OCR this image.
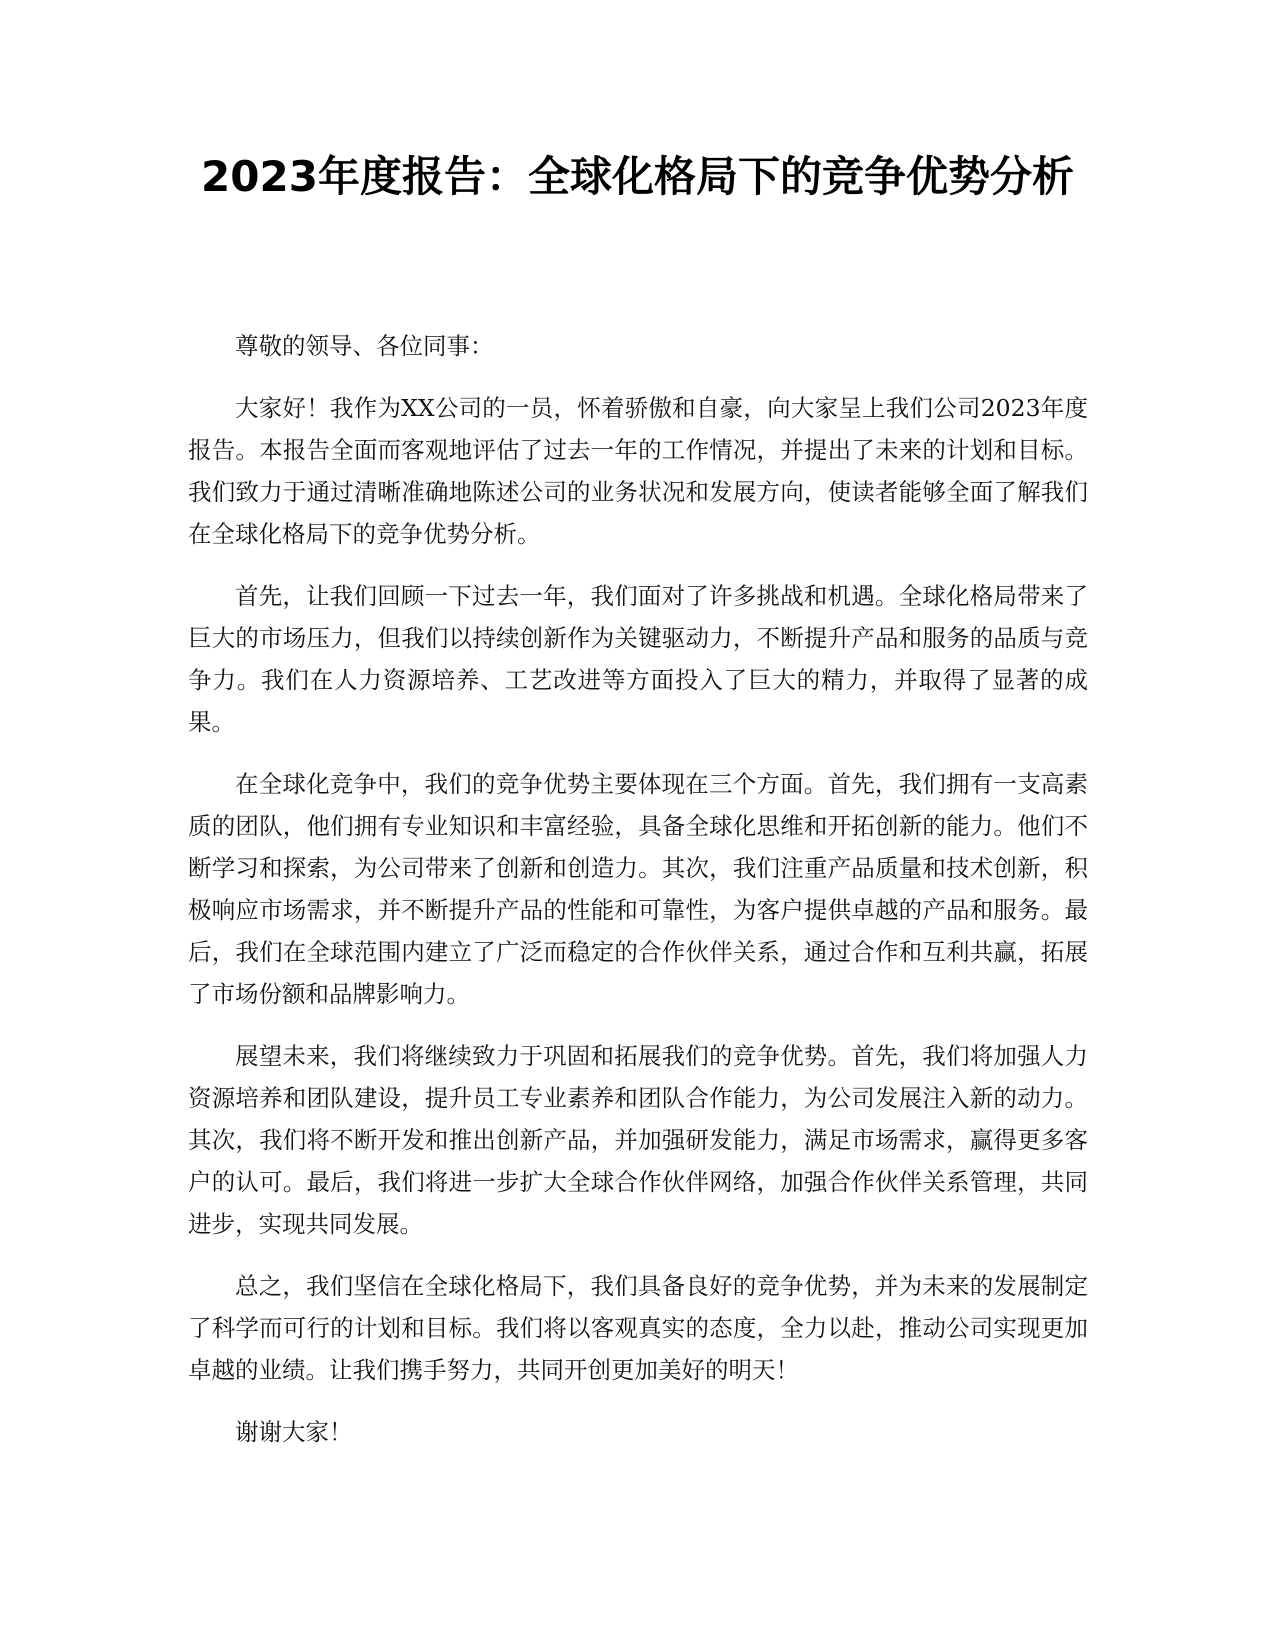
2023年度报告：全球化格局下的竞争优势分析

尊敬的领导、各位同事：

大家好！我作为XX公司的一员，怀着骄傲和自豪，向大家呈上我们公司2023年度报告。本报告全面而客观地评估了过去一年的工作情况，并提出了未来的计划和目标。我们致力于通过清晰准确地陈述公司的业务状况和发展方向，使读者能够全面了解我们在全球化格局下的竞争优势分析。

首先，让我们回顾一下过去一年，我们面对了许多挑战和机遇。全球化格局带来了巨大的市场压力，但我们以持续创新作为关键驱动力，不断提升产品和服务的品质与竞争力。我们在人力资源培养、工艺改进等方面投入了巨大的精力，并取得了显著的成果。

在全球化竞争中，我们的竞争优势主要体现在三个方面。首先，我们拥有一支高素质的团队，他们拥有专业知识和丰富经验，具备全球化思维和开拓创新的能力。他们不断学习和探索，为公司带来了创新和创造力。其次，我们注重产品质量和技术创新，积极响应市场需求，并不断提升产品的性能和可靠性，为客户提供卓越的产品和服务。最后，我们在全球范围内建立了广泛而稳定的合作伙伴关系，通过合作和互利共赢，拓展了市场份额和品牌影响力。

展望未来，我们将继续致力于巩固和拓展我们的竞争优势。首先，我们将加强人力资源培养和团队建设，提升员工专业素养和团队合作能力，为公司发展注入新的动力。其次，我们将不断开发和推出创新产品，并加强研发能力，满足市场需求，赢得更多客户的认可。最后，我们将进一步扩大全球合作伙伴网络，加强合作伙伴关系管理，共同进步，实现共同发展。

总之，我们坚信在全球化格局下，我们具备良好的竞争优势，并为未来的发展制定了科学而可行的计划和目标。我们将以客观真实的态度，全力以赴，推动公司实现更加卓越的业绩。让我们携手努力，共同开创更加美好的明天！

谢谢大家！
